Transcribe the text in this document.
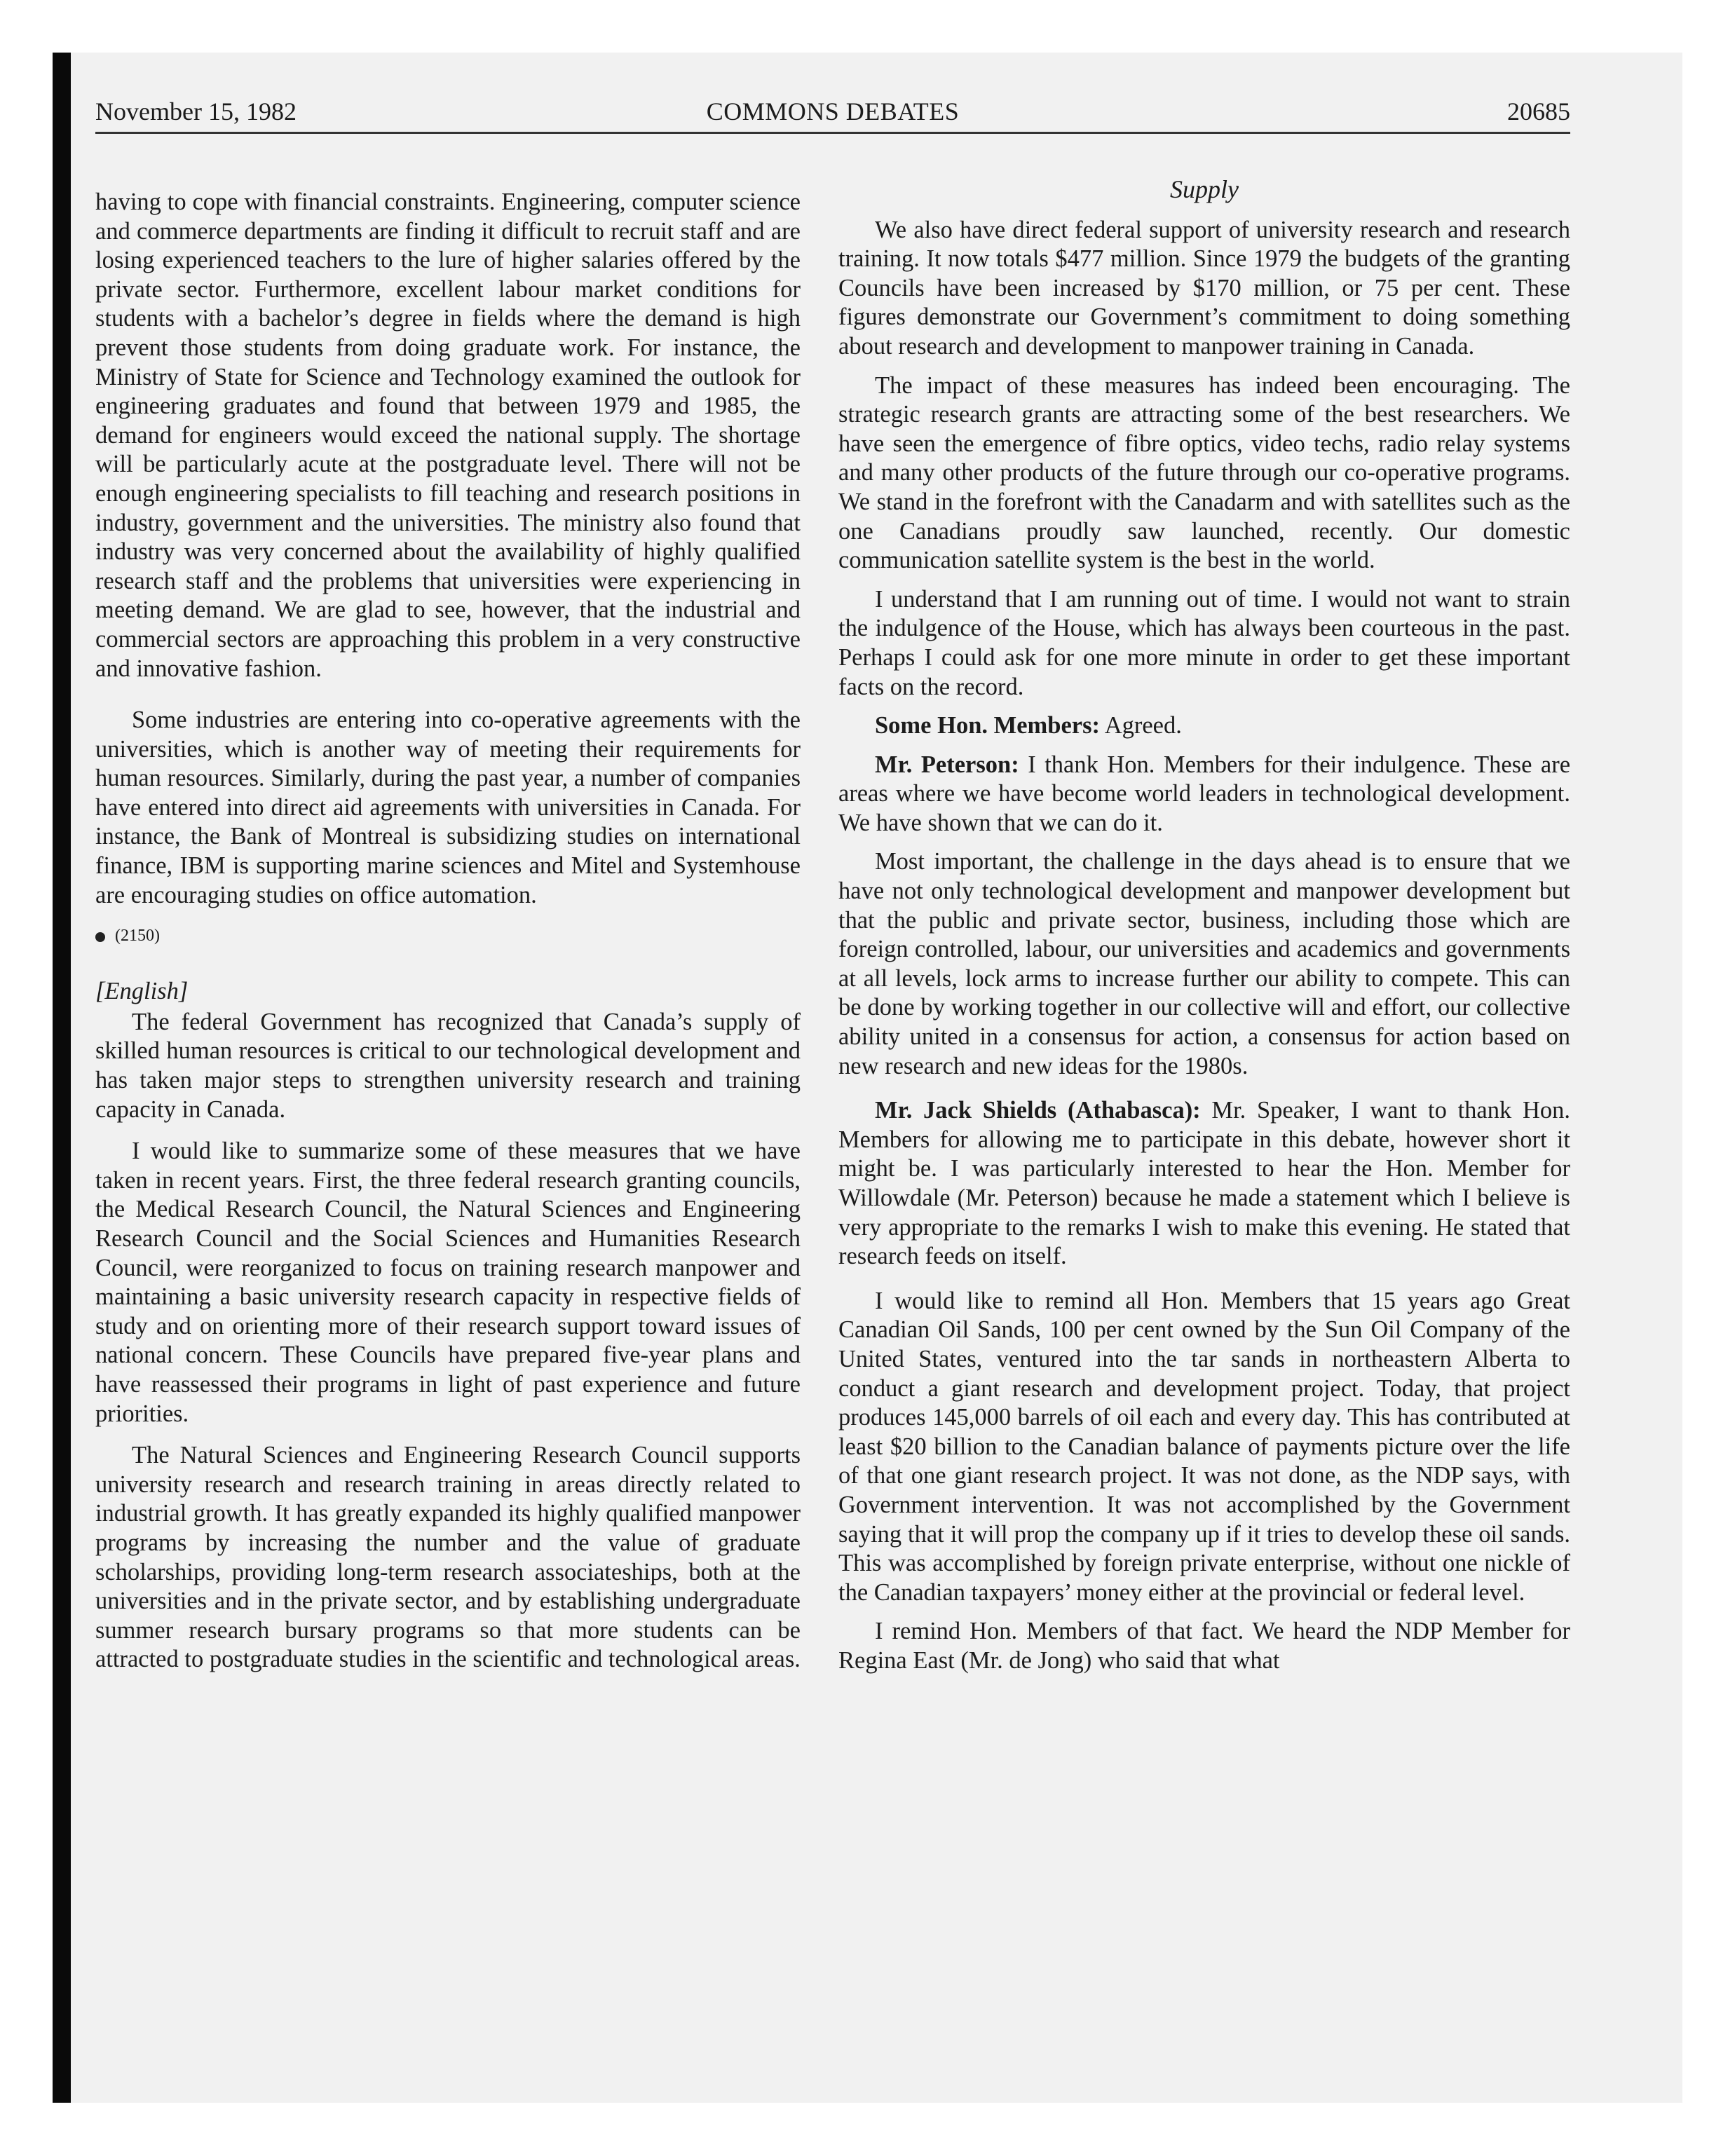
November 15, 1982	COMMONS DEBATES	20685

having to cope with financial constraints. Engineering, computer science and commerce departments are finding it difficult to recruit staff and are losing experienced teachers to the lure of higher salaries offered by the private sector. Furthermore, excellent labour market conditions for students with a bachelor’s degree in fields where the demand is high prevent those students from doing graduate work. For instance, the Ministry of State for Science and Technology examined the outlook for engineering graduates and found that between 1979 and 1985, the demand for engineers would exceed the national supply. The shortage will be particularly acute at the postgraduate level. There will not be enough engineering specialists to fill teaching and research positions in industry, government and the universities. The ministry also found that industry was very concerned about the availability of highly qualified research staff and the problems that universities were experiencing in meeting demand. We are glad to see, however, that the industrial and commercial sectors are approaching this problem in a very constructive and innovative fashion.

Some industries are entering into co-operative agreements with the universities, which is another way of meeting their requirements for human resources. Similarly, during the past year, a number of companies have entered into direct aid agreements with universities in Canada. For instance, the Bank of Montreal is subsidizing studies on international finance, IBM is supporting marine sciences and Mitel and Systemhouse are encouraging studies on office automation.

(2150)
[English]

The federal Government has recognized that Canada’s supply of skilled human resources is critical to our technological development and has taken major steps to strengthen university research and training capacity in Canada.

I would like to summarize some of these measures that we have taken in recent years. First, the three federal research granting councils, the Medical Research Council, the Natural Sciences and Engineering Research Council and the Social Sciences and Humanities Research Council, were reorganized to focus on training research manpower and maintaining a basic university research capacity in respective fields of study and on orienting more of their research support toward issues of national concern. These Councils have prepared five-year plans and have reassessed their programs in light of past experience and future priorities.

The Natural Sciences and Engineering Research Council supports university research and research training in areas directly related to industrial growth. It has greatly expanded its highly qualified manpower programs by increasing the number and the value of graduate scholarships, providing long-term research associateships, both at the universities and in the private sector, and by establishing undergraduate summer research bursary programs so that more students can be attracted to postgraduate studies in the scientific and technological areas.

Supply

We also have direct federal support of university research and research training. It now totals $477 million. Since 1979 the budgets of the granting Councils have been increased by $170 million, or 75 per cent. These figures demonstrate our Government’s commitment to doing something about research and development to manpower training in Canada.

The impact of these measures has indeed been encouraging. The strategic research grants are attracting some of the best researchers. We have seen the emergence of fibre optics, video techs, radio relay systems and many other products of the future through our co-operative programs. We stand in the forefront with the Canadarm and with satellites such as the one Canadians proudly saw launched, recently. Our domestic communication satellite system is the best in the world.

I understand that I am running out of time. I would not want to strain the indulgence of the House, which has always been courteous in the past. Perhaps I could ask for one more minute in order to get these important facts on the record.

Some Hon. Members: Agreed.

Mr. Peterson: I thank Hon. Members for their indulgence. These are areas where we have become world leaders in technological development. We have shown that we can do it.

Most important, the challenge in the days ahead is to ensure that we have not only technological development and manpower development but that the public and private sector, business, including those which are foreign controlled, labour, our universities and academics and governments at all levels, lock arms to increase further our ability to compete. This can be done by working together in our collective will and effort, our collective ability united in a consensus for action, a consensus for action based on new research and new ideas for the 1980s.

Mr. Jack Shields (Athabasca): Mr. Speaker, I want to thank Hon. Members for allowing me to participate in this debate, however short it might be. I was particularly interested to hear the Hon. Member for Willowdale (Mr. Peterson) because he made a statement which I believe is very appropriate to the remarks I wish to make this evening. He stated that research feeds on itself.

I would like to remind all Hon. Members that 15 years ago Great Canadian Oil Sands, 100 per cent owned by the Sun Oil Company of the United States, ventured into the tar sands in northeastern Alberta to conduct a giant research and development project. Today, that project produces 145,000 barrels of oil each and every day. This has contributed at least $20 billion to the Canadian balance of payments picture over the life of that one giant research project. It was not done, as the NDP says, with Government intervention. It was not accomplished by the Government saying that it will prop the company up if it tries to develop these oil sands. This was accomplished by foreign private enterprise, without one nickle of the Canadian taxpayers’ money either at the provincial or federal level.

I remind Hon. Members of that fact. We heard the NDP Member for Regina East (Mr. de Jong) who said that what
